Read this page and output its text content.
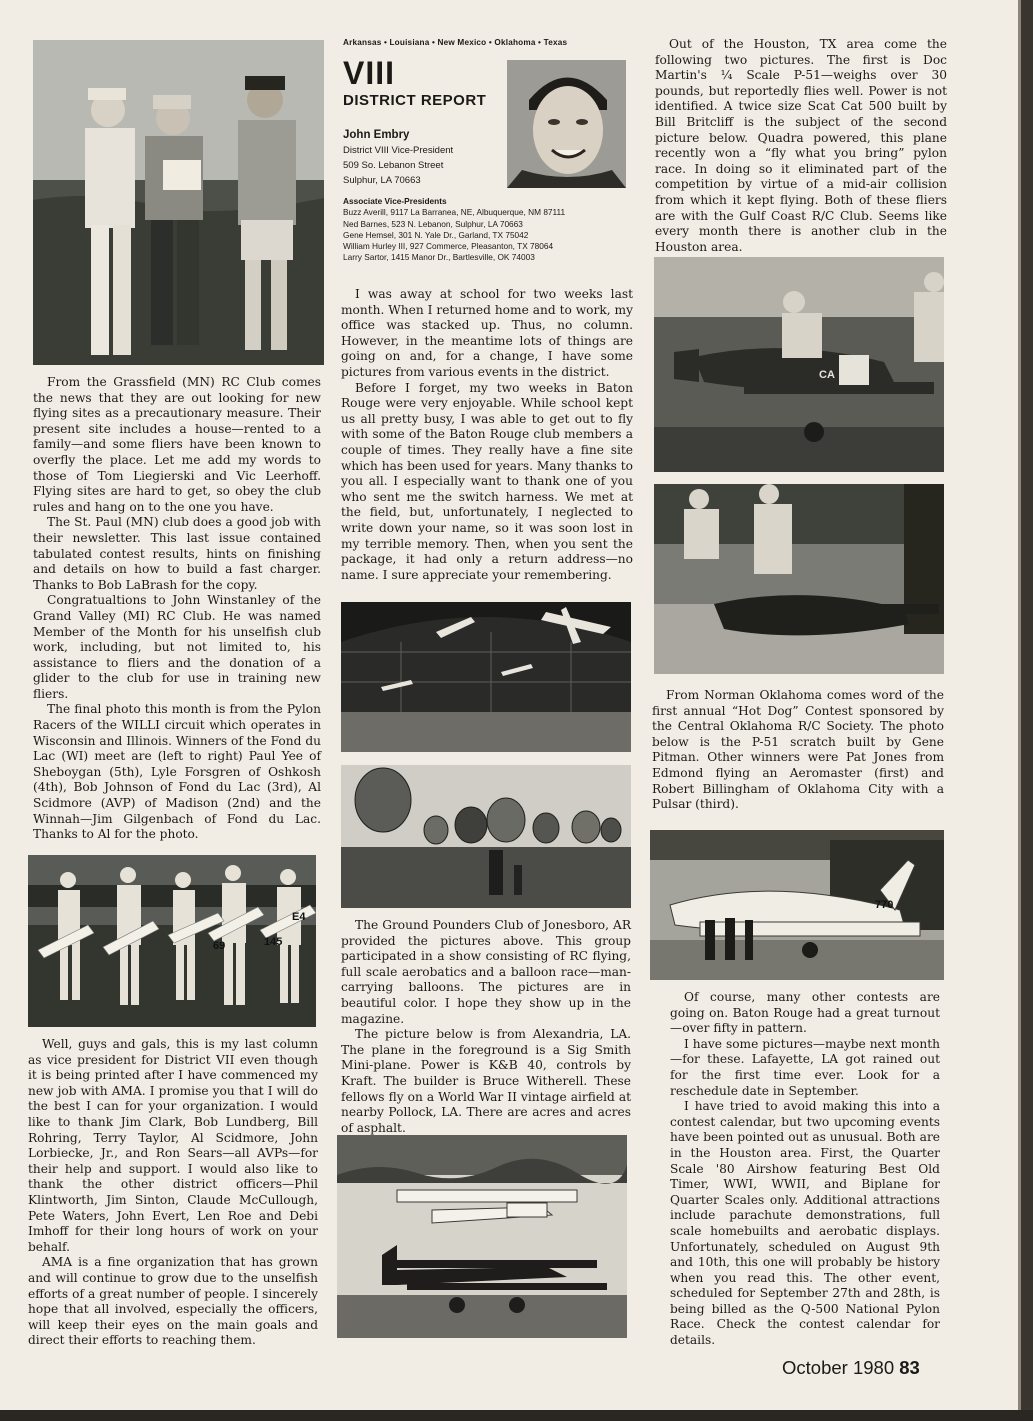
From the Grassfield (MN) RC Club comes the news that they are out looking for new flying sites as a precautionary measure. Their present site includes a house—rented to a family—and some fliers have been known to overfly the place. Let me add my words to those of Tom Liegierski and Vic Leerhoff. Flying sites are hard to get, so obey the club rules and hang on to the one you have.

The St. Paul (MN) club does a good job with their newsletter. This last issue contained tabulated contest results, hints on finishing and details on how to build a fast charger. Thanks to Bob LaBrash for the copy.

Congratualtions to John Winstanley of the Grand Valley (MI) RC Club. He was named Member of the Month for his unselfish club work, including, but not limited to, his assistance to fliers and the donation of a glider to the club for use in training new fliers.

The final photo this month is from the Pylon Racers of the WILLI circuit which operates in Wisconsin and Illinois. Winners of the Fond du Lac (WI) meet are (left to right) Paul Yee of Sheboygan (5th), Lyle Forsgren of Oshkosh (4th), Bob Johnson of Fond du Lac (3rd), Al Scidmore (AVP) of Madison (2nd) and the Winnah—Jim Gilgenbach of Fond du Lac. Thanks to Al for the photo.

69	145
E4

Well, guys and gals, this is my last column as vice president for District VII even though it is being printed after I have commenced my new job with AMA. I promise you that I will do the best I can for your organization. I would like to thank Jim Clark, Bob Lundberg, Bill Rohring, Terry Taylor, Al Scidmore, John Lorbiecke, Jr., and Ron Sears—all AVPs—for their help and support. I would also like to thank the other district officers—Phil Klintworth, Jim Sinton, Claude McCullough, Pete Waters, John Evert, Len Roe and Debi Imhoff for their long hours of work on your behalf.

AMA is a fine organization that has grown and will continue to grow due to the unselfish efforts of a great number of people. I sincerely hope that all involved, especially the officers, will keep their eyes on the main goals and direct their efforts to reaching them.

Arkansas • Louisiana • New Mexico • Oklahoma • Texas
VIII
DISTRICT REPORT
John Embry
District VIII Vice-President
509 So. Lebanon Street
Sulphur, LA 70663
Associate Vice-Presidents
Buzz Averill, 9117 La Barranea, NE, Albuquerque, NM 87111
Ned Barnes, 523 N. Lebanon, Sulphur, LA 70663
Gene Hemsel, 301 N. Yale Dr., Garland, TX 75042
William Hurley III, 927 Commerce, Pleasanton, TX 78064
Larry Sartor, 1415 Manor Dr., Bartlesville, OK 74003

I was away at school for two weeks last month. When I returned home and to work, my office was stacked up. Thus, no column. However, in the meantime lots of things are going on and, for a change, I have some pictures from various events in the district.

Before I forget, my two weeks in Baton Rouge were very enjoyable. While school kept us all pretty busy, I was able to get out to fly with some of the Baton Rouge club members a couple of times. They really have a fine site which has been used for years. Many thanks to you all. I especially want to thank one of you who sent me the switch harness. We met at the field, but, unfortunately, I neglected to write down your name, so it was soon lost in my terrible memory. Then, when you sent the package, it had only a return address—no name. I sure appreciate your remembering.

The Ground Pounders Club of Jonesboro, AR provided the pictures above. This group participated in a show consisting of RC flying, full scale aerobatics and a balloon race—man-carrying balloons. The pictures are in beautiful color. I hope they show up in the magazine.

The picture below is from Alexandria, LA. The plane in the foreground is a Sig Smith Mini-plane. Power is K&B 40, controls by Kraft. The builder is Bruce Witherell. These fellows fly on a World War II vintage airfield at nearby Pollock, LA. There are acres and acres of asphalt.

Out of the Houston, TX area come the following two pictures. The first is Doc Martin's ¼ Scale P-51—weighs over 30 pounds, but reportedly flies well. Power is not identified. A twice size Scat Cat 500 built by Bill Britcliff is the subject of the second picture below. Quadra powered, this plane recently won a “fly what you bring” pylon race. In doing so it eliminated part of the competition by virtue of a mid-air collision from which it kept flying. Both of these fliers are with the Gulf Coast R/C Club. Seems like every month there is another club in the Houston area.

CA

From Norman Oklahoma comes word of the first annual “Hot Dog” Contest sponsored by the Central Oklahoma R/C Society. The photo below is the P-51 scratch built by Gene Pitman. Other winners were Pat Jones from Edmond flying an Aeromaster (first) and Robert Billingham of Oklahoma City with a Pulsar (third).

770

Of course, many other contests are going on. Baton Rouge had a great turnout—over fifty in pattern.

I have some pictures—maybe next month—for these. Lafayette, LA got rained out for the first time ever. Look for a reschedule date in September.

I have tried to avoid making this into a contest calendar, but two upcoming events have been pointed out as unusual. Both are in the Houston area. First, the Quarter Scale '80 Airshow featuring Best Old Timer, WWI, WWII, and Biplane for Quarter Scales only. Additional attractions include parachute demonstrations, full scale homebuilts and aerobatic displays. Unfortunately, scheduled on August 9th and 10th, this one will probably be history when you read this. The other event, scheduled for September 27th and 28th, is being billed as the Q-500 National Pylon Race. Check the contest calendar for details.

October 1980 83
